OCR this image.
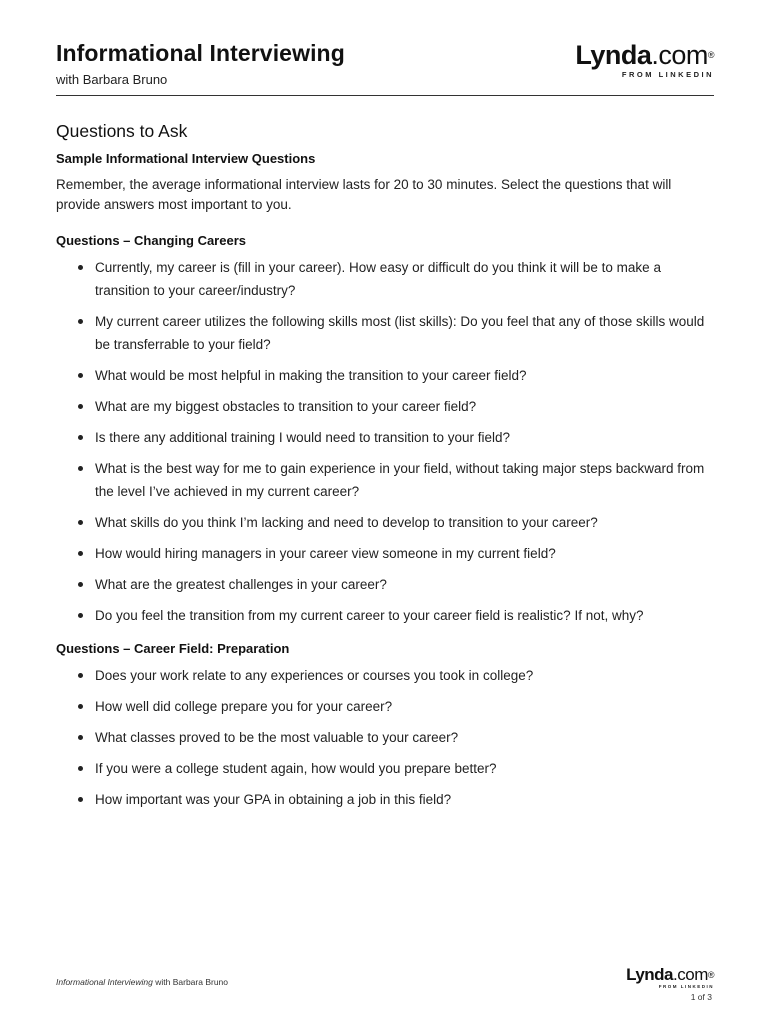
Informational Interviewing
with Barbara Bruno
Lynda.com®
FROM LINKEDIN
Questions to Ask
Sample Informational Interview Questions
Remember, the average informational interview lasts for 20 to 30 minutes. Select the questions that will provide answers most important to you.
Questions – Changing Careers
Currently, my career is (fill in your career). How easy or difficult do you think it will be to make a transition to your career/industry?
My current career utilizes the following skills most (list skills): Do you feel that any of those skills would be transferrable to your field?
What would be most helpful in making the transition to your career field?
What are my biggest obstacles to transition to your career field?
Is there any additional training I would need to transition to your field?
What is the best way for me to gain experience in your field, without taking major steps backward from the level I’ve achieved in my current career?
What skills do you think I’m lacking and need to develop to transition to your career?
How would hiring managers in your career view someone in my current field?
What are the greatest challenges in your career?
Do you feel the transition from my current career to your career field is realistic? If not, why?
Questions – Career Field: Preparation
Does your work relate to any experiences or courses you took in college?
How well did college prepare you for your career?
What classes proved to be the most valuable to your career?
If you were a college student again, how would you prepare better?
How important was your GPA in obtaining a job in this field?
Informational Interviewing with Barbara Bruno	Lynda.com®
FROM LINKEDIN
1 of 3
